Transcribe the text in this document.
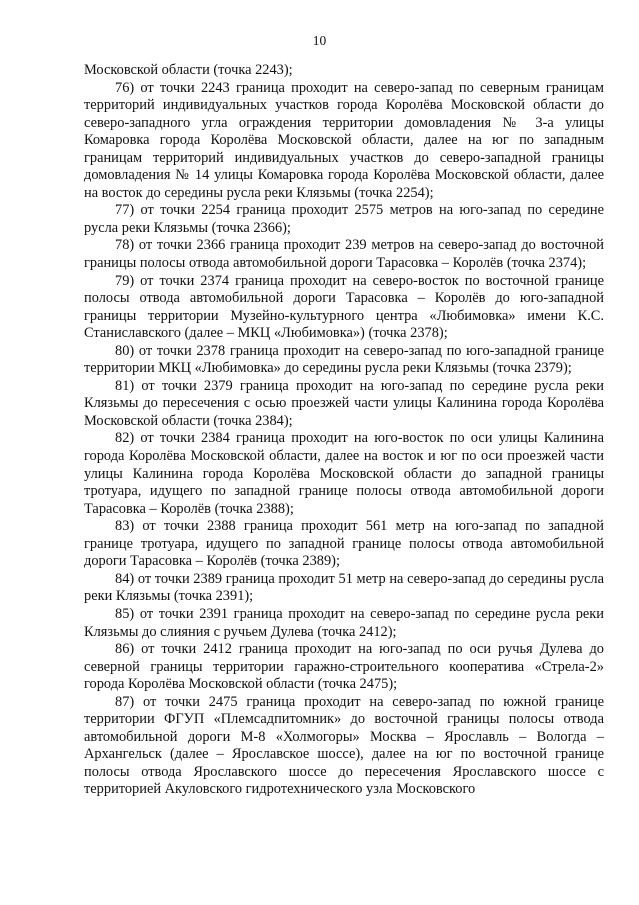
10

Московской области (точка 2243);

76) от точки 2243 граница проходит на северо-запад по северным границам территорий индивидуальных участков города Королёва Московской области до северо-западного угла ограждения территории домовладения № 3-а улицы Комаровка города Королёва Московской области, далее на юг по западным границам территорий индивидуальных участков до северо-западной границы домовладения № 14 улицы Комаровка города Королёва Московской области, далее на восток до середины русла реки Клязьмы (точка 2254);

77) от точки 2254 граница проходит 2575 метров на юго-запад по середине русла реки Клязьмы (точка 2366);

78) от точки 2366 граница проходит 239 метров на северо-запад до восточной границы полосы отвода автомобильной дороги Тарасовка – Королёв (точка 2374);

79) от точки 2374 граница проходит на северо-восток по восточной границе полосы отвода автомобильной дороги Тарасовка – Королёв до юго-западной границы территории Музейно-культурного центра «Любимовка» имени К.С. Станиславского (далее – МКЦ «Любимовка») (точка 2378);

80) от точки 2378 граница проходит на северо-запад по юго-западной границе территории МКЦ «Любимовка» до середины русла реки Клязьмы (точка 2379);

81) от точки 2379 граница проходит на юго-запад по середине русла реки Клязьмы до пересечения с осью проезжей части улицы Калинина города Королёва Московской области (точка 2384);

82) от точки 2384 граница проходит на юго-восток по оси улицы Калинина города Королёва Московской области, далее на восток и юг по оси проезжей части улицы Калинина города Королёва Московской области до западной границы тротуара, идущего по западной границе полосы отвода автомобильной дороги Тарасовка – Королёв (точка 2388);

83) от точки 2388 граница проходит 561 метр на юго-запад по западной границе тротуара, идущего по западной границе полосы отвода автомобильной дороги Тарасовка – Королёв (точка 2389);

84) от точки 2389 граница проходит 51 метр на северо-запад до середины русла реки Клязьмы (точка 2391);

85) от точки 2391 граница проходит на северо-запад по середине русла реки Клязьмы до слияния с ручьем Дулева (точка 2412);

86) от точки 2412 граница проходит на юго-запад по оси ручья Дулева до северной границы территории гаражно-строительного кооператива «Стрела-2» города Королёва Московской области (точка 2475);

87) от точки 2475 граница проходит на северо-запад по южной границе территории ФГУП «Племсадпитомник» до восточной границы полосы отвода автомобильной дороги М-8 «Холмогоры» Москва – Ярославль – Вологда – Архангельск (далее – Ярославское шоссе), далее на юг по восточной границе полосы отвода Ярославского шоссе до пересечения Ярославского шоссе с территорией Акуловского гидротехнического узла Московского
